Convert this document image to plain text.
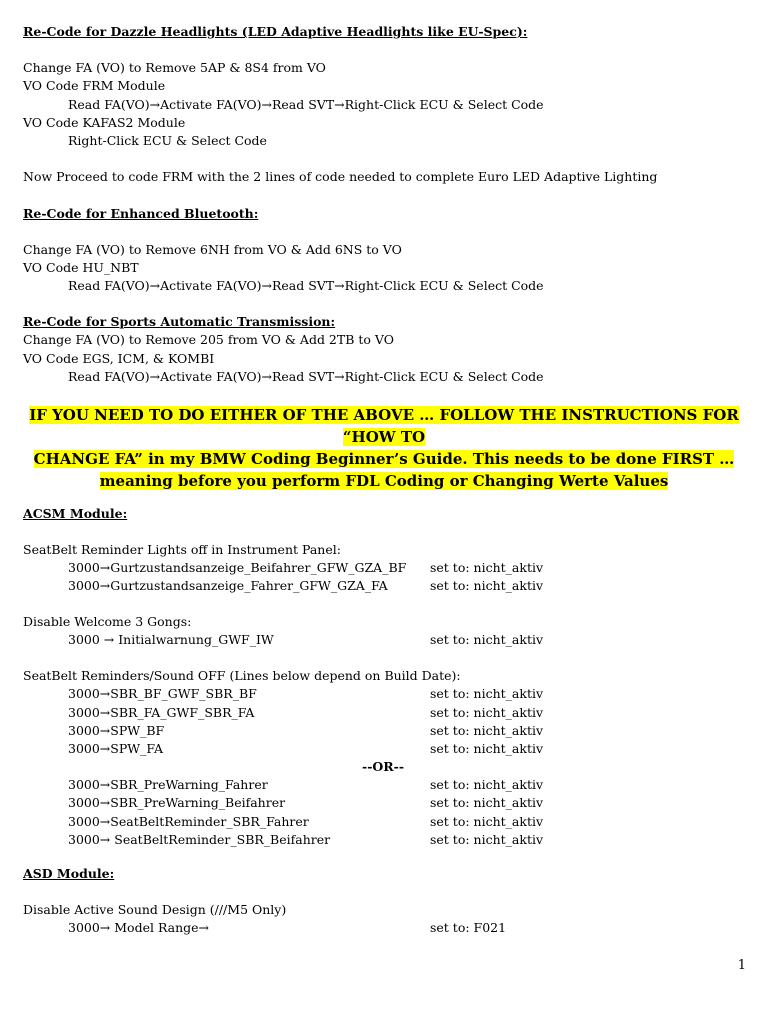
Re-Code for Dazzle Headlights (LED Adaptive Headlights like EU-Spec):
Change FA (VO) to Remove 5AP & 8S4 from VO
VO Code FRM Module
Read FA(VO)→Activate FA(VO)→Read SVT→Right-Click ECU & Select Code
VO Code KAFAS2 Module
Right-Click ECU & Select Code
Now Proceed to code FRM with the 2 lines of code needed to complete Euro LED Adaptive Lighting
Re-Code for Enhanced Bluetooth:
Change FA (VO) to Remove 6NH from VO & Add 6NS to VO
VO Code HU_NBT
Read FA(VO)→Activate FA(VO)→Read SVT→Right-Click ECU & Select Code
Re-Code for Sports Automatic Transmission:
Change FA (VO) to Remove 205 from VO & Add 2TB to VO
VO Code EGS, ICM, & KOMBI
Read FA(VO)→Activate FA(VO)→Read SVT→Right-Click ECU & Select Code
IF YOU NEED TO DO EITHER OF THE ABOVE … FOLLOW THE INSTRUCTIONS FOR “HOW TO
CHANGE FA” in my BMW Coding Beginner’s Guide. This needs to be done FIRST …
meaning before you perform FDL Coding or Changing Werte Values
ACSM Module:
SeatBelt Reminder Lights off in Instrument Panel:
3000→Gurtzustandsanzeige_Beifahrer_GFW_GZA_BF set to: nicht_aktiv
3000→Gurtzustandsanzeige_Fahrer_GFW_GZA_FA	set to: nicht_aktiv
Disable Welcome 3 Gongs:
3000 → Initialwarnung_GWF_IW	set to: nicht_aktiv
SeatBelt Reminders/Sound OFF (Lines below depend on Build Date):
3000→SBR_BF_GWF_SBR_BF	set to: nicht_aktiv
3000→SBR_FA_GWF_SBR_FA	set to: nicht_aktiv
3000→SPW_BF	set to: nicht_aktiv
3000→SPW_FA	set to: nicht_aktiv
--OR--
3000→SBR_PreWarning_Fahrer	set to: nicht_aktiv
3000→SBR_PreWarning_Beifahrer	set to: nicht_aktiv
3000→SeatBeltReminder_SBR_Fahrer	set to: nicht_aktiv
3000→ SeatBeltReminder_SBR_Beifahrer	set to: nicht_aktiv
ASD Module:
Disable Active Sound Design (///M5 Only)
3000→ Model Range→	set to: F021
1
